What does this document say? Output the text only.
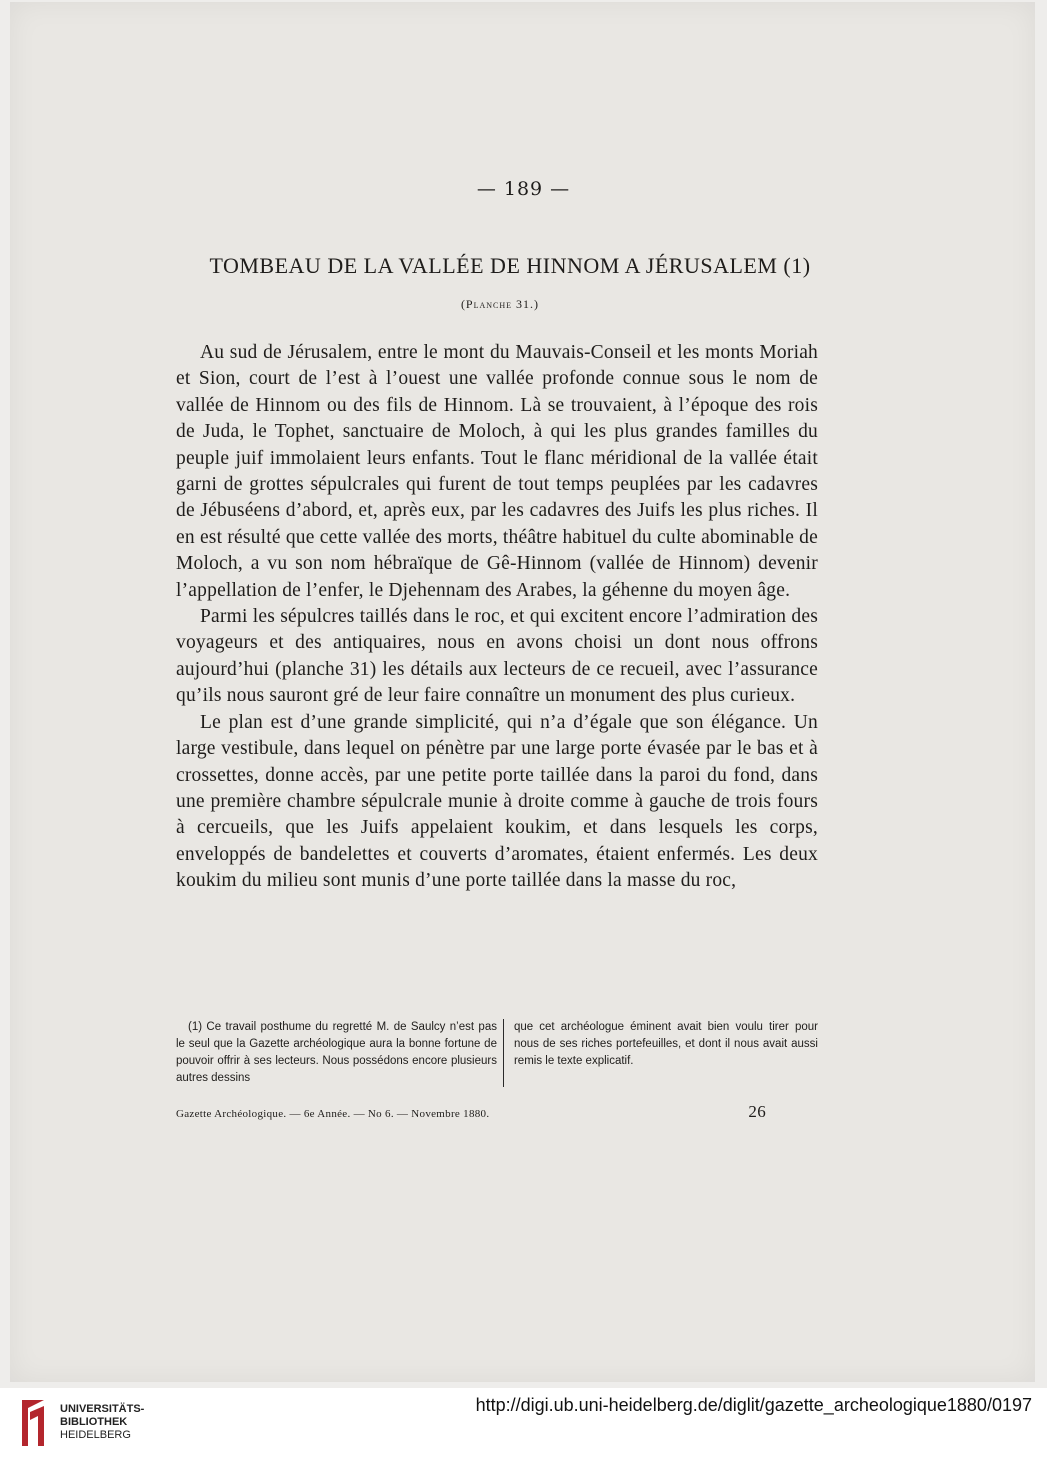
— 189 —
TOMBEAU DE LA VALLÉE DE HINNOM A JÉRUSALEM (1)
(Planche 31.)

Au sud de Jérusalem, entre le mont du Mauvais-Conseil et les monts Moriah et Sion, court de l’est à l’ouest une vallée profonde connue sous le nom de vallée de Hinnom ou des fils de Hinnom. Là se trouvaient, à l’époque des rois de Juda, le Tophet, sanctuaire de Moloch, à qui les plus grandes familles du peuple juif immolaient leurs enfants. Tout le flanc méridional de la vallée était garni de grottes sépulcrales qui furent de tout temps peuplées par les cadavres de Jébuséens d’abord, et, après eux, par les cadavres des Juifs les plus riches. Il en est résulté que cette vallée des morts, théâtre habituel du culte abominable de Moloch, a vu son nom hébraïque de Gê-Hinnom (vallée de Hinnom) devenir l’appellation de l’enfer, le Djehennam des Arabes, la géhenne du moyen âge.

Parmi les sépulcres taillés dans le roc, et qui excitent encore l’admiration des voyageurs et des antiquaires, nous en avons choisi un dont nous offrons aujourd’hui (planche 31) les détails aux lecteurs de ce recueil, avec l’assurance qu’ils nous sauront gré de leur faire connaître un monument des plus curieux.

Le plan est d’une grande simplicité, qui n’a d’égale que son élégance. Un large vestibule, dans lequel on pénètre par une large porte évasée par le bas et à crossettes, donne accès, par une petite porte taillée dans la paroi du fond, dans une première chambre sépulcrale munie à droite comme à gauche de trois fours à cercueils, que les Juifs appelaient koukim, et dans lesquels les corps, enveloppés de bandelettes et couverts d’aromates, étaient enfermés. Les deux koukim du milieu sont munis d’une porte taillée dans la masse du roc,

(1) Ce travail posthume du regretté M. de Saulcy n’est pas le seul que la Gazette archéologique aura la bonne fortune de pouvoir offrir à ses lecteurs. Nous possédons encore plusieurs autres dessins

que cet archéologue éminent avait bien voulu tirer pour nous de ses riches portefeuilles, et dont il nous avait aussi remis le texte explicatif.

Gazette Archéologique. — 6e Année. — No 6. — Novembre 1880.	26
UNIVERSITÄTS-
BIBLIOTHEK
HEIDELBERG
http://digi.ub.uni-heidelberg.de/diglit/gazette_archeologique1880/0197
